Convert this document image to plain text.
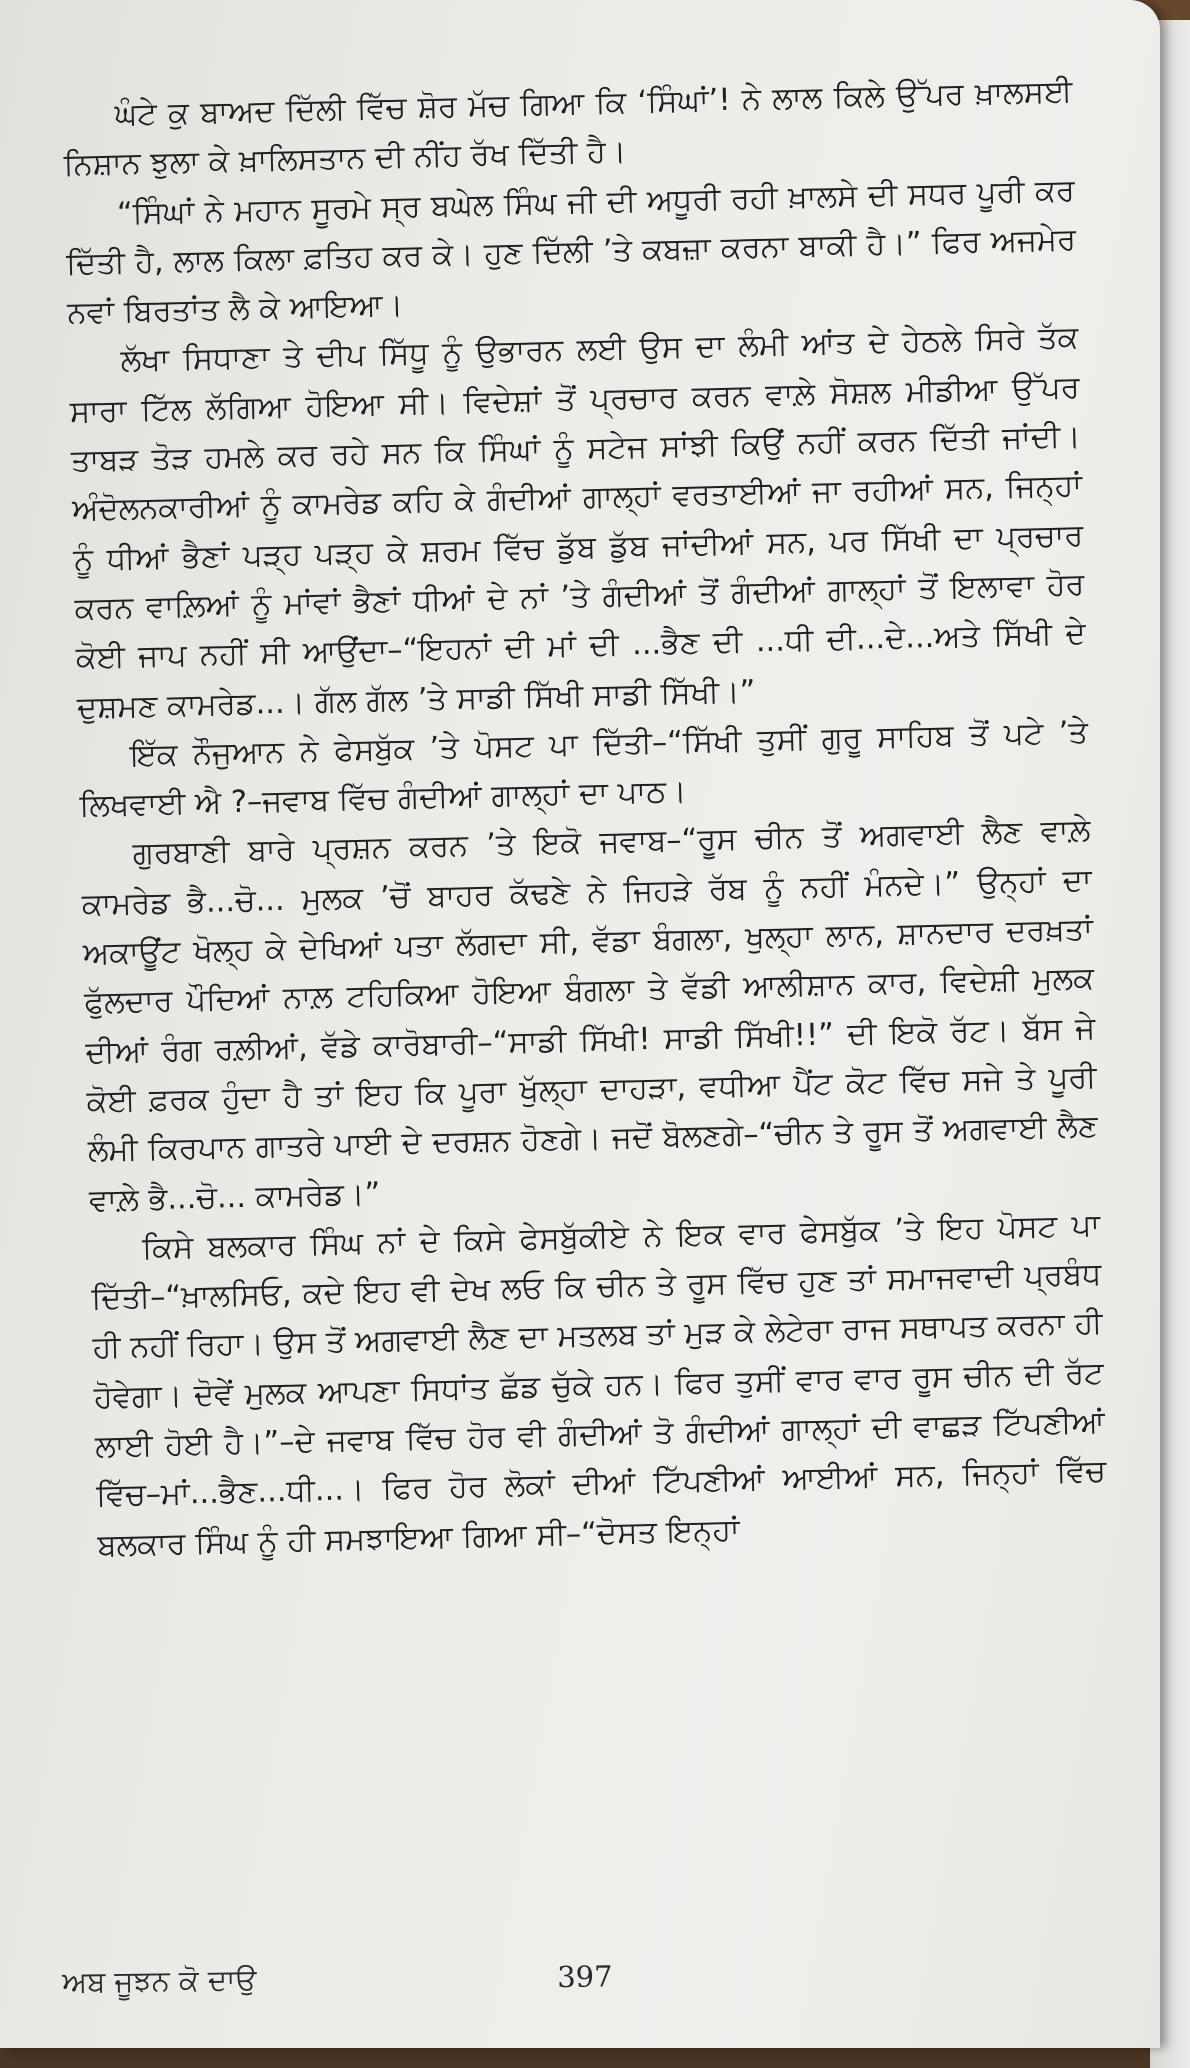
ਘੰਟੇ ਕੁ ਬਾਅਦ ਦਿੱਲੀ ਵਿੱਚ ਸ਼ੋਰ ਮੱਚ ਗਿਆ ਕਿ ‘ਸਿੰਘਾਂ’! ਨੇ ਲਾਲ ਕਿਲੇ ਉੱਪਰ ਖ਼ਾਲਸਈ ਨਿਸ਼ਾਨ ਝੁਲਾ ਕੇ ਖ਼ਾਲਿਸਤਾਨ ਦੀ ਨੀਂਹ ਰੱਖ ਦਿੱਤੀ ਹੈ।

“ਸਿੰਘਾਂ ਨੇ ਮਹਾਨ ਸੂਰਮੇ ਸ੍ਰ ਬਘੇਲ ਸਿੰਘ ਜੀ ਦੀ ਅਧੂਰੀ ਰਹੀ ਖ਼ਾਲਸੇ ਦੀ ਸਧਰ ਪੂਰੀ ਕਰ ਦਿੱਤੀ ਹੈ, ਲਾਲ ਕਿਲਾ ਫ਼ਤਿਹ ਕਰ ਕੇ। ਹੁਣ ਦਿੱਲੀ ’ਤੇ ਕਬਜ਼ਾ ਕਰਨਾ ਬਾਕੀ ਹੈ।” ਫਿਰ ਅਜਮੇਰ ਨਵਾਂ ਬਿਰਤਾਂਤ ਲੈ ਕੇ ਆਇਆ।

ਲੱਖਾ ਸਿਧਾਣਾ ਤੇ ਦੀਪ ਸਿੱਧੂ ਨੂੰ ਉਭਾਰਨ ਲਈ ਉਸ ਦਾ ਲੰਮੀ ਆਂਤ ਦੇ ਹੇਠਲੇ ਸਿਰੇ ਤੱਕ ਸਾਰਾ ਟਿੱਲ ਲੱਗਿਆ ਹੋਇਆ ਸੀ। ਵਿਦੇਸ਼ਾਂ ਤੋਂ ਪ੍ਰਚਾਰ ਕਰਨ ਵਾਲ਼ੇ ਸੋਸ਼ਲ ਮੀਡੀਆ ਉੱਪਰ ਤਾਬੜ ਤੋੜ ਹਮਲੇ ਕਰ ਰਹੇ ਸਨ ਕਿ ਸਿੰਘਾਂ ਨੂੰ ਸਟੇਜ ਸਾਂਝੀ ਕਿਉਂ ਨਹੀਂ ਕਰਨ ਦਿੱਤੀ ਜਾਂਦੀ। ਅੰਦੋਲਨਕਾਰੀਆਂ ਨੂੰ ਕਾਮਰੇਡ ਕਹਿ ਕੇ ਗੰਦੀਆਂ ਗਾਲ੍ਹਾਂ ਵਰਤਾਈਆਂ ਜਾ ਰਹੀਆਂ ਸਨ, ਜਿਨ੍ਹਾਂ ਨੂੰ ਧੀਆਂ ਭੈਣਾਂ ਪੜ੍ਹ ਪੜ੍ਹ ਕੇ ਸ਼ਰਮ ਵਿੱਚ ਡੁੱਬ ਡੁੱਬ ਜਾਂਦੀਆਂ ਸਨ, ਪਰ ਸਿੱਖੀ ਦਾ ਪ੍ਰਚਾਰ ਕਰਨ ਵਾਲ਼ਿਆਂ ਨੂੰ ਮਾਂਵਾਂ ਭੈਣਾਂ ਧੀਆਂ ਦੇ ਨਾਂ ’ਤੇ ਗੰਦੀਆਂ ਤੋਂ ਗੰਦੀਆਂ ਗਾਲ੍ਹਾਂ ਤੋਂ ਇਲਾਵਾ ਹੋਰ ਕੋਈ ਜਾਪ ਨਹੀਂ ਸੀ ਆਉਂਦਾ–“ਇਹਨਾਂ ਦੀ ਮਾਂ ਦੀ ...ਭੈਣ ਦੀ ...ਧੀ ਦੀ...ਦੇ...ਅਤੇ ਸਿੱਖੀ ਦੇ ਦੁਸ਼ਮਣ ਕਾਮਰੇਡ...। ਗੱਲ ਗੱਲ ’ਤੇ ਸਾਡੀ ਸਿੱਖੀ ਸਾਡੀ ਸਿੱਖੀ।”

ਇੱਕ ਨੌਜੁਆਨ ਨੇ ਫੇਸਬੁੱਕ ’ਤੇ ਪੋਸਟ ਪਾ ਦਿੱਤੀ–“ਸਿੱਖੀ ਤੁਸੀਂ ਗੁਰੂ ਸਾਹਿਬ ਤੋਂ ਪਟੇ ’ਤੇ ਲਿਖਵਾਈ ਐ ?–ਜਵਾਬ ਵਿੱਚ ਗੰਦੀਆਂ ਗਾਲ੍ਹਾਂ ਦਾ ਪਾਠ।

ਗੁਰਬਾਣੀ ਬਾਰੇ ਪ੍ਰਸ਼ਨ ਕਰਨ ’ਤੇ ਇਕੋ ਜਵਾਬ–“ਰੂਸ ਚੀਨ ਤੋਂ ਅਗਵਾਈ ਲੈਣ ਵਾਲ਼ੇ ਕਾਮਰੇਡ ਭੈ...ਚੋ... ਮੁਲਕ ’ਚੋਂ ਬਾਹਰ ਕੱਢਣੇ ਨੇ ਜਿਹੜੇ ਰੱਬ ਨੂੰ ਨਹੀਂ ਮੰਨਦੇ।” ਉਨ੍ਹਾਂ ਦਾ ਅਕਾਊਂਟ ਖੋਲ੍ਹ ਕੇ ਦੇਖਿਆਂ ਪਤਾ ਲੱਗਦਾ ਸੀ, ਵੱਡਾ ਬੰਗਲਾ, ਖੁਲ੍ਹਾ ਲਾਨ, ਸ਼ਾਨਦਾਰ ਦਰਖ਼ਤਾਂ ਫੁੱਲਦਾਰ ਪੌਦਿਆਂ ਨਾਲ਼ ਟਹਿਕਿਆ ਹੋਇਆ ਬੰਗਲਾ ਤੇ ਵੱਡੀ ਆਲੀਸ਼ਾਨ ਕਾਰ, ਵਿਦੇਸ਼ੀ ਮੁਲਕ ਦੀਆਂ ਰੰਗ ਰਲ਼ੀਆਂ, ਵੱਡੇ ਕਾਰੋਬਾਰੀ–“ਸਾਡੀ ਸਿੱਖੀ! ਸਾਡੀ ਸਿੱਖੀ!!” ਦੀ ਇਕੋ ਰੱਟ। ਬੱਸ ਜੇ ਕੋਈ ਫ਼ਰਕ ਹੁੰਦਾ ਹੈ ਤਾਂ ਇਹ ਕਿ ਪੂਰਾ ਖੁੱਲ੍ਹਾ ਦਾਹੜਾ, ਵਧੀਆ ਪੈਂਟ ਕੋਟ ਵਿੱਚ ਸਜੇ ਤੇ ਪੂਰੀ ਲੰਮੀ ਕਿਰਪਾਨ ਗਾਤਰੇ ਪਾਈ ਦੇ ਦਰਸ਼ਨ ਹੋਣਗੇ। ਜਦੋਂ ਬੋਲਣਗੇ–“ਚੀਨ ਤੇ ਰੂਸ ਤੋਂ ਅਗਵਾਈ ਲੈਣ ਵਾਲ਼ੇ ਭੈ...ਚੋ... ਕਾਮਰੇਡ।”

ਕਿਸੇ ਬਲਕਾਰ ਸਿੰਘ ਨਾਂ ਦੇ ਕਿਸੇ ਫੇਸਬੁੱਕੀਏ ਨੇ ਇਕ ਵਾਰ ਫੇਸਬੁੱਕ ’ਤੇ ਇਹ ਪੋਸਟ ਪਾ ਦਿੱਤੀ–“ਖ਼ਾਲਸਿਓ, ਕਦੇ ਇਹ ਵੀ ਦੇਖ ਲਓ ਕਿ ਚੀਨ ਤੇ ਰੂਸ ਵਿੱਚ ਹੁਣ ਤਾਂ ਸਮਾਜਵਾਦੀ ਪ੍ਰਬੰਧ ਹੀ ਨਹੀਂ ਰਿਹਾ। ਉਸ ਤੋਂ ਅਗਵਾਈ ਲੈਣ ਦਾ ਮਤਲਬ ਤਾਂ ਮੁੜ ਕੇ ਲੇਟੇਰਾ ਰਾਜ ਸਥਾਪਤ ਕਰਨਾ ਹੀ ਹੋਵੇਗਾ। ਦੋਵੇਂ ਮੁਲਕ ਆਪਣਾ ਸਿਧਾਂਤ ਛੱਡ ਚੁੱਕੇ ਹਨ। ਫਿਰ ਤੁਸੀਂ ਵਾਰ ਵਾਰ ਰੂਸ ਚੀਨ ਦੀ ਰੱਟ ਲਾਈ ਹੋਈ ਹੈ।”–ਦੇ ਜਵਾਬ ਵਿੱਚ ਹੋਰ ਵੀ ਗੰਦੀਆਂ ਤੋ ਗੰਦੀਆਂ ਗਾਲ੍ਹਾਂ ਦੀ ਵਾਛੜ ਟਿੱਪਣੀਆਂ ਵਿੱਚ–ਮਾਂ...ਭੈਣ...ਧੀ...। ਫਿਰ ਹੋਰ ਲੋਕਾਂ ਦੀਆਂ ਟਿੱਪਣੀਆਂ ਆਈਆਂ ਸਨ, ਜਿਨ੍ਹਾਂ ਵਿੱਚ ਬਲਕਾਰ ਸਿੰਘ ਨੂੰ ਹੀ ਸਮਝਾਇਆ ਗਿਆ ਸੀ–“ਦੋਸਤ ਇਨ੍ਹਾਂ

ਅਬ ਜੂਝਨ ਕੋ ਦਾਉ	397
